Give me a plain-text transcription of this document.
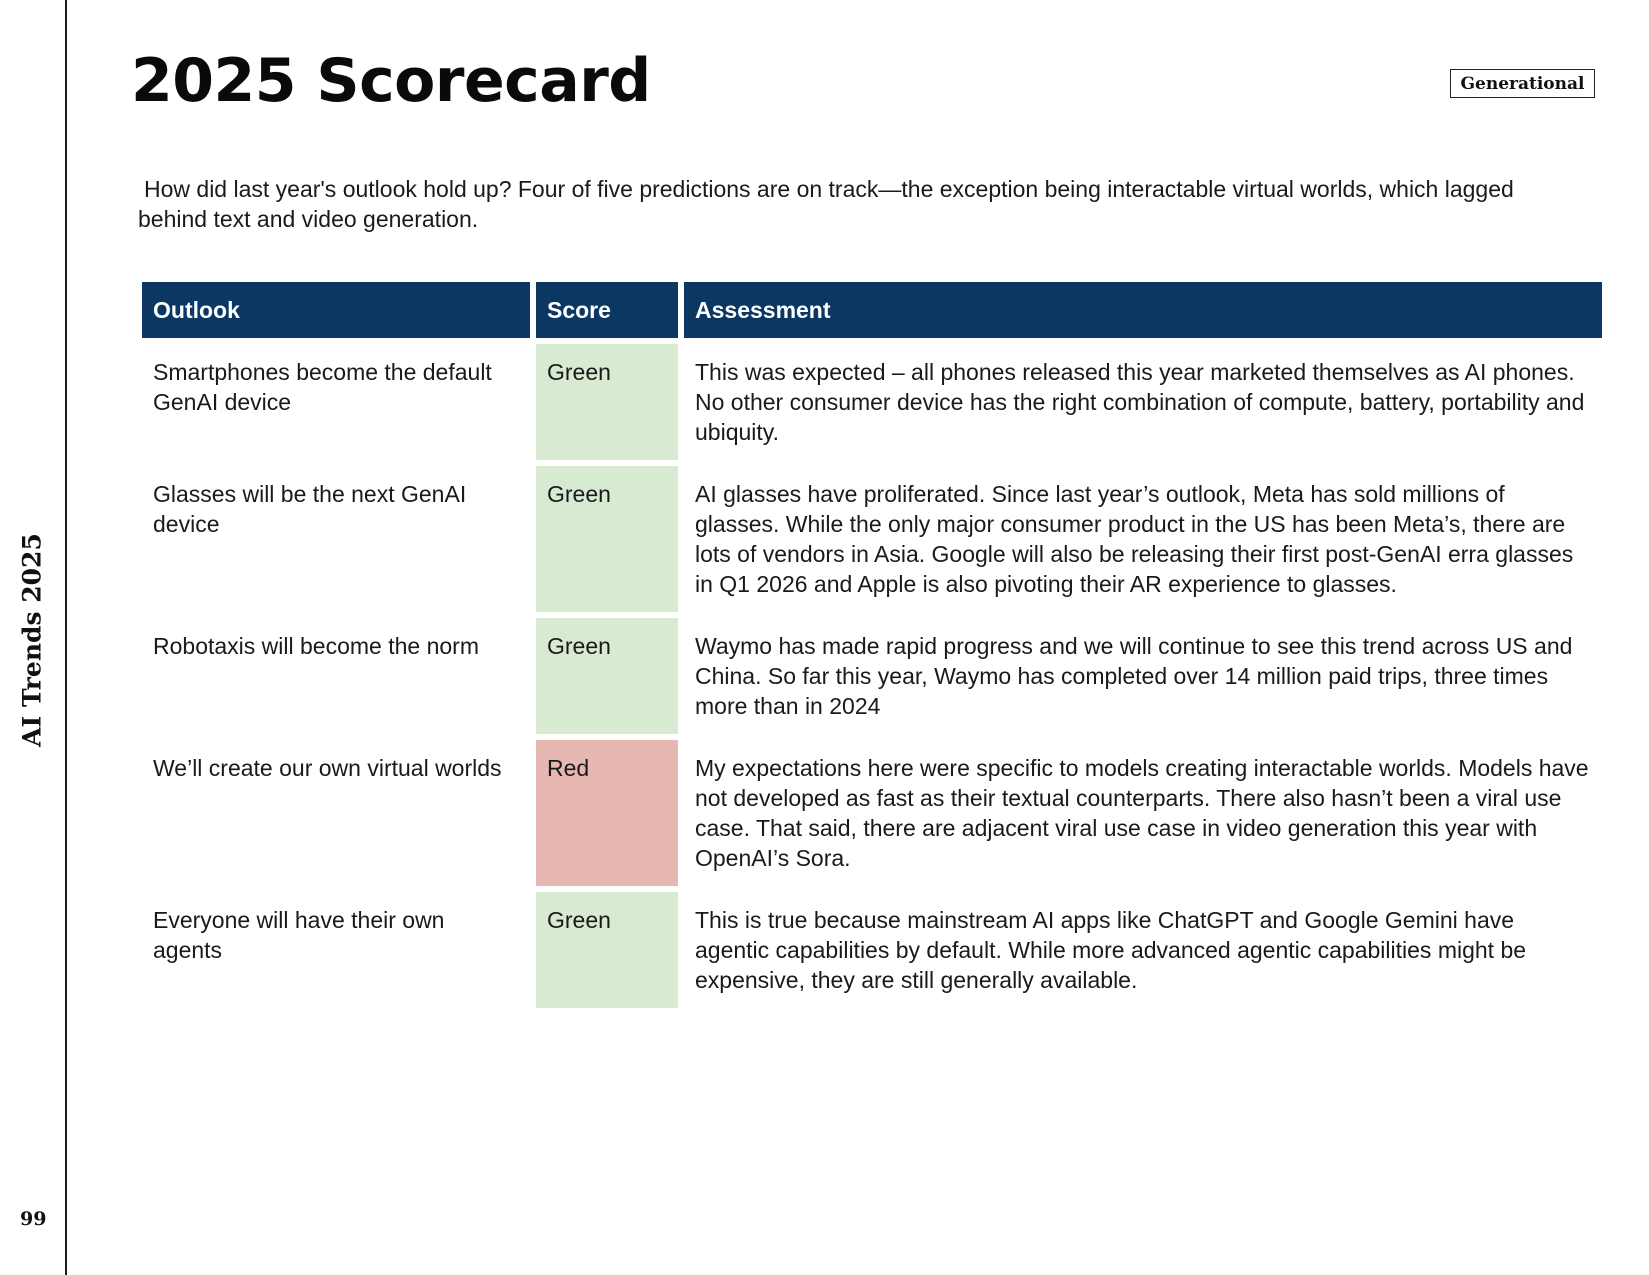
AI Trends 2025
99
2025 Scorecard	Generational

How did last year's outlook hold up? Four of five predictions are on track—the exception being interactable virtual worlds, which lagged behind text and video generation.

Outlook	Score	Assessment
Smartphones become the default GenAI device	Green	This was expected – all phones released this year marketed themselves as AI phones. No other consumer device has the right combination of compute, battery, portability and ubiquity.
Glasses will be the next GenAI device	Green	AI glasses have proliferated. Since last year’s outlook, Meta has sold millions of glasses. While the only major consumer product in the US has been Meta’s, there are lots of vendors in Asia. Google will also be releasing their first post-GenAI erra glasses in Q1 2026 and Apple is also pivoting their AR experience to glasses.
Robotaxis will become the norm	Green	Waymo has made rapid progress and we will continue to see this trend across US and China. So far this year, Waymo has completed over 14 million paid trips, three times more than in 2024
We’ll create our own virtual worlds	Red	My expectations here were specific to models creating interactable worlds. Models have not developed as fast as their textual counterparts. There also hasn’t been a viral use case. That said, there are adjacent viral use case in video generation this year with OpenAI’s Sora.
Everyone will have their own agents	Green	This is true because mainstream AI apps like ChatGPT and Google Gemini have agentic capabilities by default. While more advanced agentic capabilities might be expensive, they are still generally available.
